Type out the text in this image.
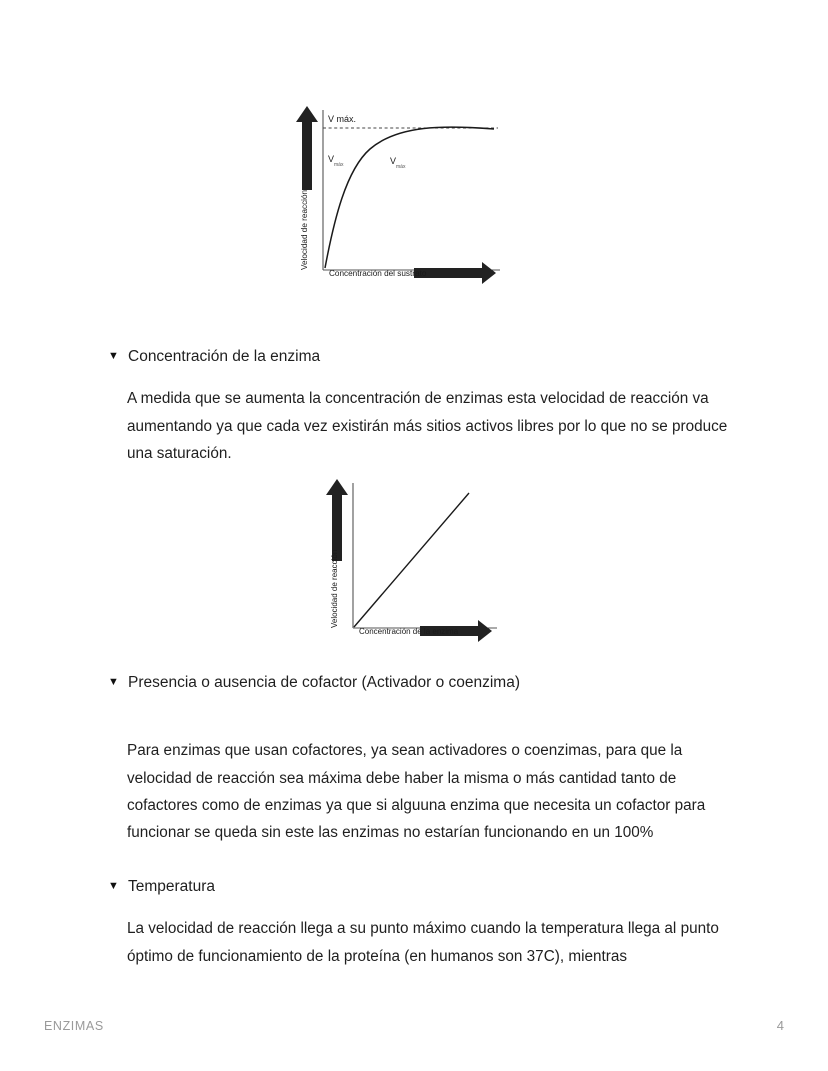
V máx.
V
máx	V
máx
Velocidad de reacción
Concentración del sustrato
▼ Concentración de la enzima
A medida que se aumenta la concentración de enzimas esta velocidad de reacción va aumentando ya que cada vez existirán más sitios activos libres por lo que no se produce una saturación.
Velocidad de reacción
Concentración de la enzima
▼ Presencia o ausencia de cofactor (Activador o coenzima)
Para enzimas que usan cofactores, ya sean activadores o coenzimas, para que la velocidad de reacción sea máxima debe haber la misma o más cantidad tanto de cofactores como de enzimas ya que si alguuna enzima que necesita un cofactor para funcionar se queda sin este las enzimas no estarían funcionando en un 100%
▼ Temperatura
La velocidad de reacción llega a su punto máximo cuando la temperatura llega al punto óptimo de funcionamiento de la proteína (en humanos son 37C), mientras
ENZIMAS	4
